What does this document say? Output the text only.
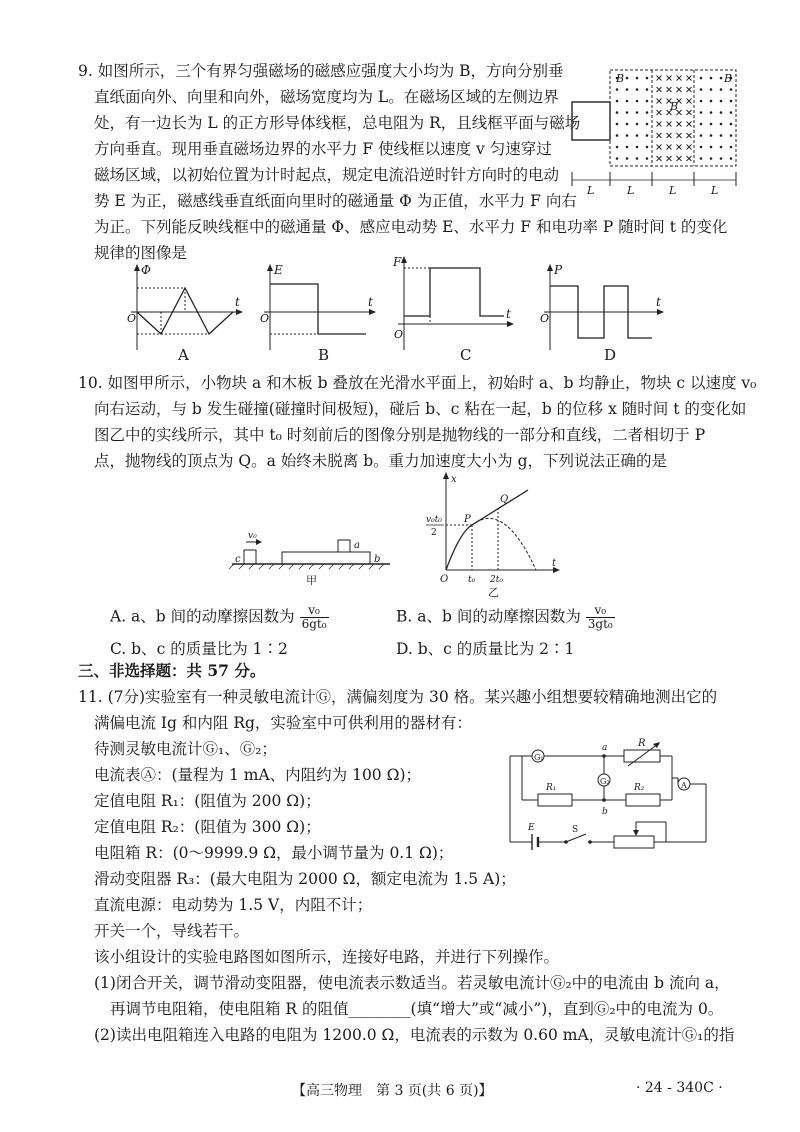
9. 如图所示，三个有界匀强磁场的磁感应强度大小均为 B，方向分别垂
直纸面向外、向里和向外，磁场宽度均为 L。在磁场区域的左侧边界
处，有一边长为 L 的正方形导体线框，总电阻为 R，且线框平面与磁场
方向垂直。现用垂直磁场边界的水平力 F 使线框以速度 v 匀速穿过
磁场区域，以初始位置为计时起点，规定电流沿逆时针方向时的电动
势 E 为正，磁感线垂直纸面向里时的磁通量 Φ 为正值，水平力 F 向右
为正。下列能反映线框中的磁通量 Φ、感应电动势 E、水平力 F 和电功率 P 随时间 t 的变化
规律的图像是
B
B
B
L	L	L	L
Φ
t
O
A
E
t
O
B
F
t
O
C
P
t
O
D
10. 如图甲所示，小物块 a 和木板 b 叠放在光滑水平面上，初始时 a、b 均静止，物块 c 以速度 v₀
向右运动，与 b 发生碰撞(碰撞时间极短)，碰后 b、c 粘在一起，b 的位移 x 随时间 t 的变化如
图乙中的实线所示，其中 t₀ 时刻前后的图像分别是抛物线的一部分和直线，二者相切于 P
点，抛物线的顶点为 Q。a 始终未脱离 b。重力加速度大小为 g，下列说法正确的是
v₀
c
a
b
甲
x
t
O
v₀t₀
2
P
Q
t₀ 2t₀
乙
A. a、b 间的动摩擦因数为 $\frac{\text{v₀}}{\text{6gt₀}}$	B. a、b 间的动摩擦因数为 $\frac{\text{v₀}}{\text{3gt₀}}$
C. b、c 的质量比为 1∶2	D. b、c 的质量比为 2∶1
三、非选择题：共 57 分。
11. (7分)实验室有一种灵敏电流计Ⓖ，满偏刻度为 30 格。某兴趣小组想要较精确地测出它的
满偏电流 Ig 和内阻 Rg，实验室中可供利用的器材有：
待测灵敏电流计Ⓖ₁、Ⓖ₂；
电流表Ⓐ：(量程为 1 mA、内阻约为 100 Ω)；
定值电阻 R₁：(阻值为 200 Ω)；
定值电阻 R₂：(阻值为 300 Ω)；
电阻箱 R：(0～9999.9 Ω，最小调节量为 0.1 Ω)；
滑动变阻器 R₃：(最大电阻为 2000 Ω，额定电流为 1.5 A)；
直流电源：电动势为 1.5 V，内阻不计；
开关一个，导线若干。
该小组设计的实验电路图如图所示，连接好电路，并进行下列操作。
(1)闭合开关，调节滑动变阻器，使电流表示数适当。若灵敏电流计Ⓖ₂中的电流由 b 流向 a，
再调节电阻箱，使电阻箱 R 的阻值________(填“增大”或“减小”)，直到Ⓖ₂中的电流为 0。
(2)读出电阻箱连入电路的电阻为 1200.0 Ω，电流表的示数为 0.60 mA，灵敏电流计Ⓖ₁的指
G₁
R
a
A
R₁	R₂
G₂
b
E	S
【高三物理　第 3 页(共 6 页)】	· 24 - 340C ·
